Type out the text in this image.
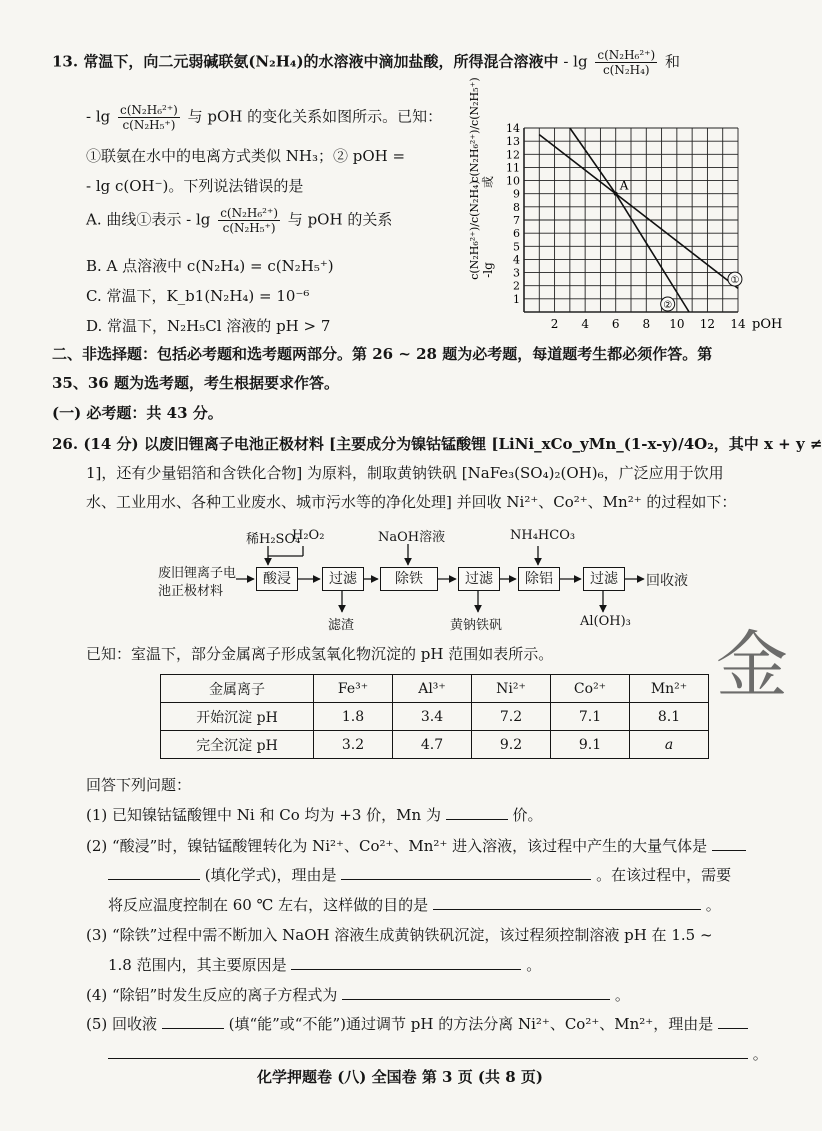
13. 常温下，向二元弱碱联氨(N₂H₄)的水溶液中滴加盐酸，所得混合溶液中 - $\lg \frac{\text{c(N₂H₆²⁺)}}{\text{c(N₂H₄)}}$ 和
- $\lg \frac{\text{c(N₂H₆²⁺)}}{\text{c(N₂H₅⁺)}}$ 与 pOH 的变化关系如图所示。已知：
①联氨在水中的电离方式类似 NH₃；② pOH =
- lg c(OH⁻)。下列说法错误的是
A. 曲线①表示 - $\lg \frac{\text{c(N₂H₆²⁺)}}{\text{c(N₂H₅⁺)}}$ 与 pOH 的关系
B. A 点溶液中 c(N₂H₄) = c(N₂H₅⁺)
C. 常温下，K_b1(N₂H₄) = 10⁻⁶
D. 常温下，N₂H₅Cl 溶液的 pH > 7
-lg
c(N₂H₆²⁺)/c(N₂H₄) 或
c(N₂H₆²⁺)/c(N₂H₅⁺)
1
2
3
4
5
6
7
8
9
10
11
12
13
14
2 4 6 8 10 12 14 pOH
①
②
A
二、非选择题：包括必考题和选考题两部分。第 26 ~ 28 题为必考题，每道题考生都必须作答。第
35、36 题为选考题，考生根据要求作答。
(一) 必考题：共 43 分。
26. (14 分) 以废旧锂离子电池正极材料 [主要成分为镍钴锰酸锂 [LiNi_xCo_yMn_(1-x-y)/4O₂，其中 x + y ≠
1]，还有少量铝箔和含铁化合物] 为原料，制取黄钠铁矾 [NaFe₃(SO₄)₂(OH)₆，广泛应用于饮用
水、工业用水、各种工业废水、城市污水等的净化处理] 并回收 Ni²⁺、Co²⁺、Mn²⁺ 的过程如下：
废旧锂离子电
池正极材料
稀H₂SO₄
H₂O₂	NaOH溶液	NH₄HCO₃
酸浸	过滤	除铁	过滤	除铝	过滤	回收液
滤渣	黄钠铁矾	Al(OH)₃
已知：室温下，部分金属离子形成氢氧化物沉淀的 pH 范围如表所示。
金属离子	Fe³⁺	Al³⁺	Ni²⁺	Co²⁺	Mn²⁺
开始沉淀 pH	1.8	3.4	7.2	7.1	8.1
完全沉淀 pH	3.2	4.7	9.2	9.1	a
金
回答下列问题：
(1) 已知镍钴锰酸锂中 Ni 和 Co 均为 +3 价，Mn 为	价。
(2) “酸浸”时，镍钴锰酸锂转化为 Ni²⁺、Co²⁺、Mn²⁺ 进入溶液，该过程中产生的大量气体是
(填化学式)，理由是	。在该过程中，需要
将反应温度控制在 60 ℃ 左右，这样做的目的是	。
(3) “除铁”过程中需不断加入 NaOH 溶液生成黄钠铁矾沉淀，该过程须控制溶液 pH 在 1.5 ~
1.8 范围内，其主要原因是	。
(4) “除铝”时发生反应的离子方程式为	。
(5) 回收液	(填“能”或“不能”)通过调节 pH 的方法分离 Ni²⁺、Co²⁺、Mn²⁺，理由是
。
化学押题卷 (八) 全国卷 第 3 页 (共 8 页)
